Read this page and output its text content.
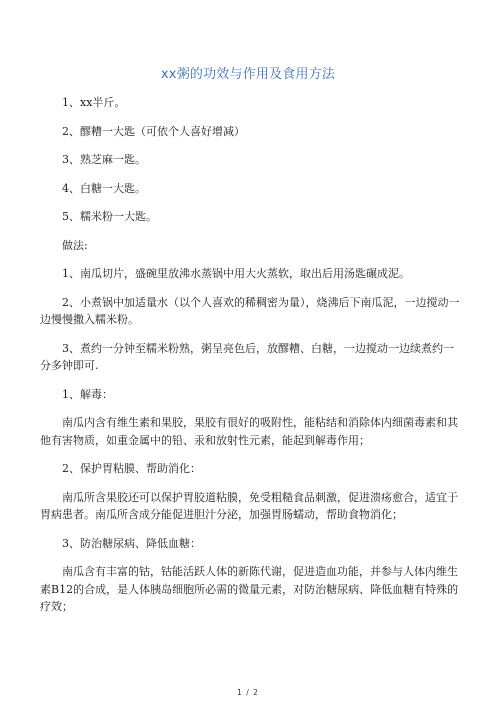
xx粥的功效与作用及食用方法

1、xx半斤。

2、醪糟一大匙（可依个人喜好增减）

3、熟芝麻一匙。

4、白糖一大匙。

5、糯米粉一大匙。

做法:

1、南瓜切片，盛碗里放沸水蒸锅中用大火蒸软，取出后用汤匙碾成泥。

2、小煮锅中加适量水（以个人喜欢的稀稠密为量），烧沸后下南瓜泥，一边搅动一边慢慢撒入糯米粉。

3、煮约一分钟至糯米粉熟，粥呈亮色后，放醪糟、白糖，一边搅动一边续煮约一分多钟即可.

1、解毒：

南瓜内含有维生素和果胶，果胶有很好的吸附性，能粘结和消除体内细菌毒素和其他有害物质，如重金属中的铅、汞和放射性元素，能起到解毒作用；

2、保护胃粘膜、帮助消化：

南瓜所含果胶还可以保护胃胶道粘膜，免受粗糙食品刺激，促进溃疡愈合，适宜于胃病患者。南瓜所含成分能促进胆汁分泌，加强胃肠蠕动，帮助食物消化；

3、防治糖尿病、降低血糖：

南瓜含有丰富的钴，钴能活跃人体的新陈代谢，促进造血功能，并参与人体内维生素B12的合成，是人体胰岛细胞所必需的微量元素，对防治糖尿病、降低血糖有特殊的疗效；

1 / 2
